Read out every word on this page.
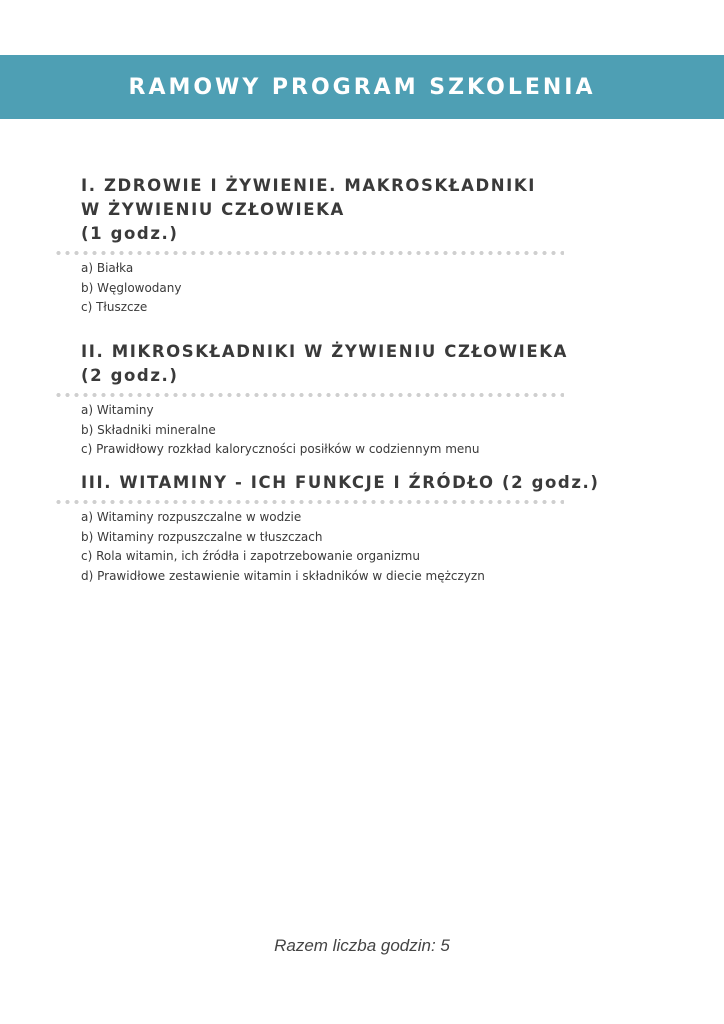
RAMOWY PROGRAM SZKOLENIA
I. ZDROWIE I ŻYWIENIE. MAKROSKŁADNIKI
W ŻYWIENIU CZŁOWIEKA
(1 godz.)
a) Białka
b) Węglowodany
c) Tłuszcze
II. MIKROSKŁADNIKI W ŻYWIENIU CZŁOWIEKA
(2 godz.)
a) Witaminy
b) Składniki mineralne
c) Prawidłowy rozkład kaloryczności posiłków w codziennym menu
III. WITAMINY - ICH FUNKCJE I ŹRÓDŁO (2 godz.)
a) Witaminy rozpuszczalne w wodzie
b) Witaminy rozpuszczalne w tłuszczach
c) Rola witamin, ich źródła i zapotrzebowanie organizmu
d) Prawidłowe zestawienie witamin i składników w diecie mężczyzn
Razem liczba godzin: 5
